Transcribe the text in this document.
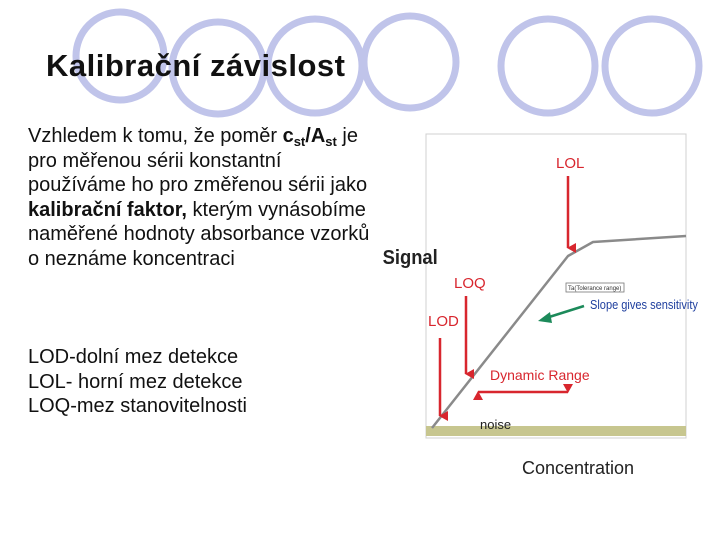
Kalibrační závislost

Vzhledem k tomu, že poměr $c_{st}/A_{st}$ je pro měřenou sérii konstantní používáme ho pro změřenou sérii jako kalibrační faktor, kterým vynásobíme naměřené hodnoty absorbance vzorků o neznáme koncentraci

LOD-dolní mez detekce
LOL- horní mez detekce
LOQ-mez stanovitelnosti
Signal
Concentration
LOL
LOQ
LOD
Dynamic Range
noise
Ta(Tolerance range)
Slope gives sensitivity
